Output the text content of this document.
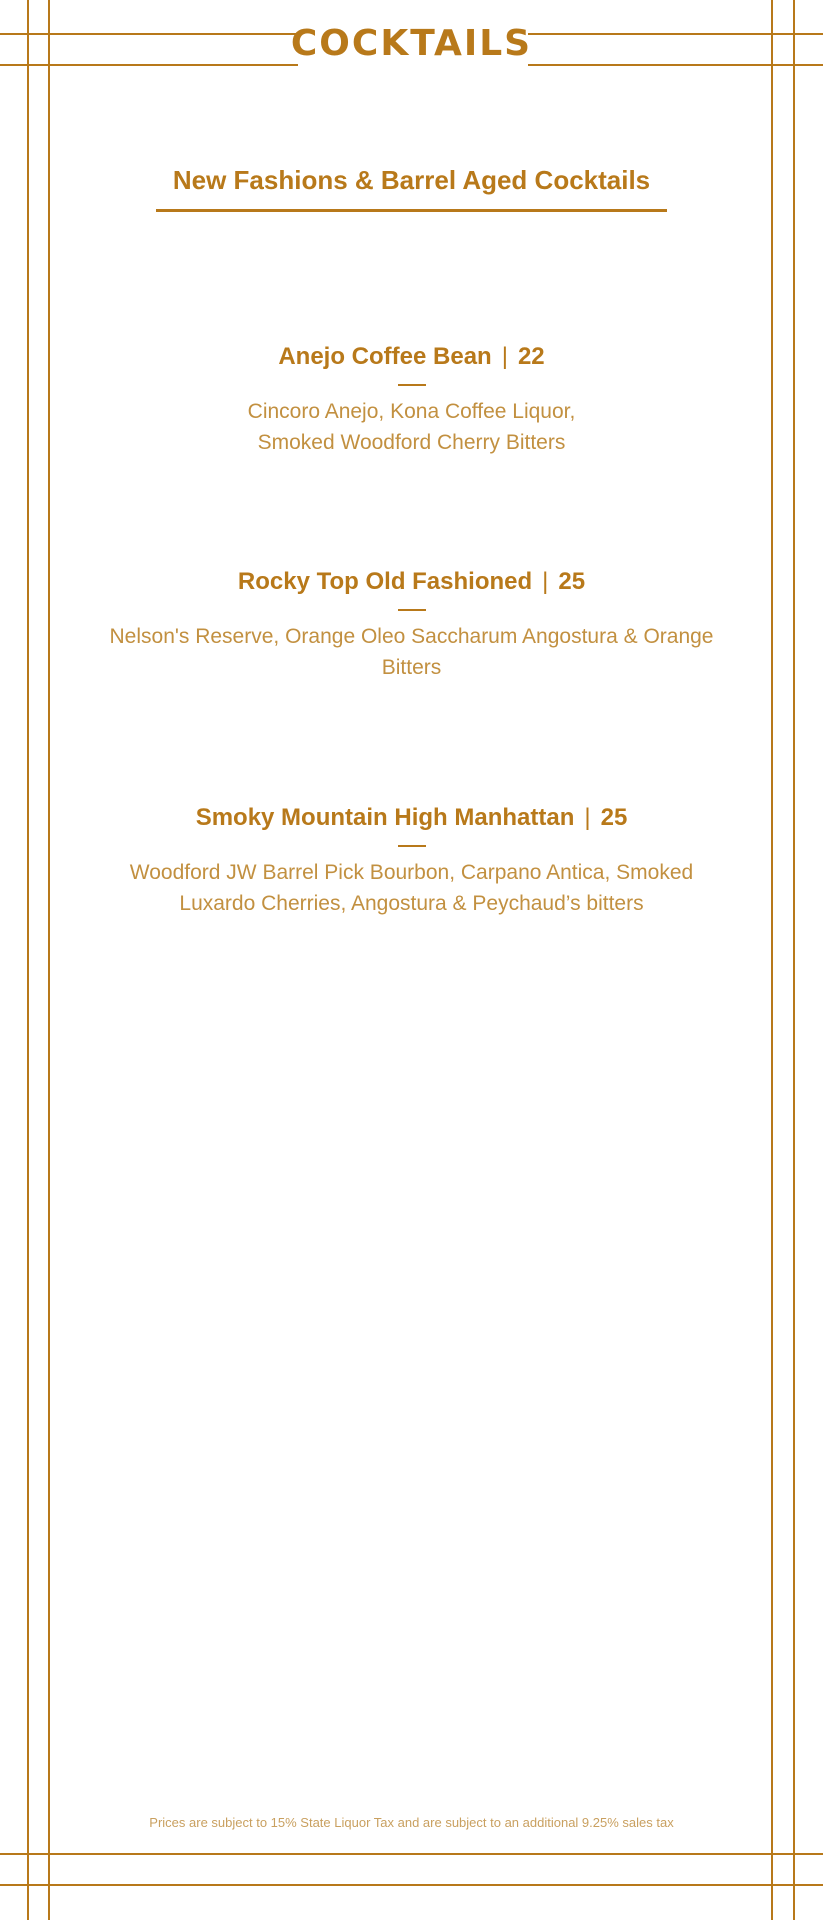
COCKTAILS
New Fashions & Barrel Aged Cocktails
Anejo Coffee Bean | 22
Cincoro Anejo, Kona Coffee Liquor, Smoked Woodford Cherry Bitters
Rocky Top Old Fashioned | 25
Nelson's Reserve, Orange Oleo Saccharum Angostura & Orange Bitters
Smoky Mountain High Manhattan | 25
Woodford JW Barrel Pick Bourbon, Carpano Antica, Smoked Luxardo Cherries, Angostura & Peychaud’s bitters
Prices are subject to 15% State Liquor Tax and are subject to an additional 9.25% sales tax
